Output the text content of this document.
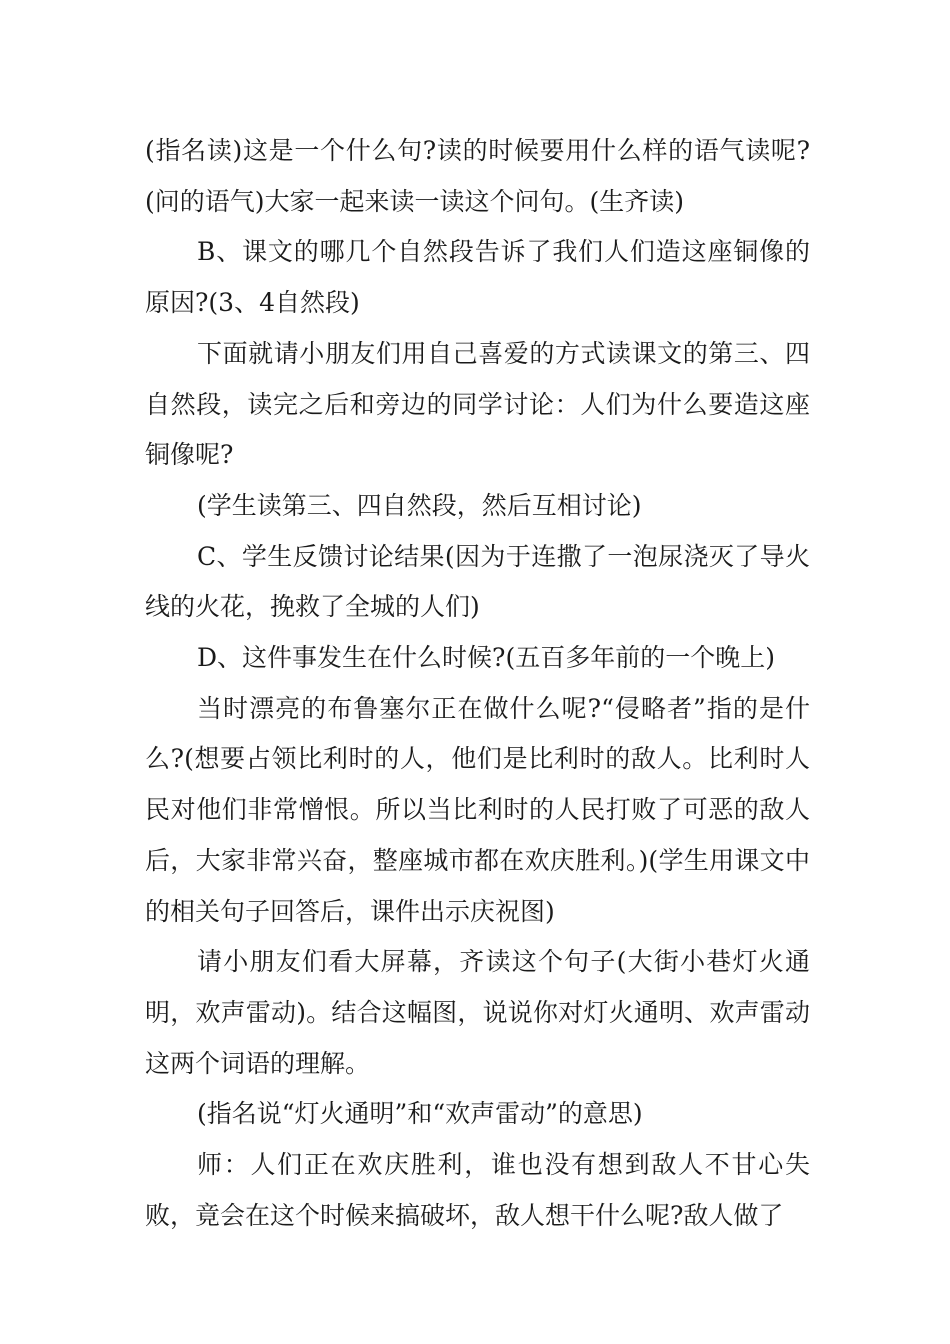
(指名读)这是一个什么句?读的时候要用什么样的语气读呢?(问的语气)大家一起来读一读这个问句。(生齐读)

B、课文的哪几个自然段告诉了我们人们造这座铜像的原因?(3、4自然段)

下面就请小朋友们用自己喜爱的方式读课文的第三、四自然段，读完之后和旁边的同学讨论：人们为什么要造这座铜像呢?

(学生读第三、四自然段，然后互相讨论)

C、学生反馈讨论结果(因为于连撒了一泡尿浇灭了导火线的火花，挽救了全城的人们)

D、这件事发生在什么时候?(五百多年前的一个晚上)

当时漂亮的布鲁塞尔正在做什么呢?“侵略者”指的是什么?(想要占领比利时的人，他们是比利时的敌人。比利时人民对他们非常憎恨。所以当比利时的人民打败了可恶的敌人后，大家非常兴奋，整座城市都在欢庆胜利。)(学生用课文中的相关句子回答后，课件出示庆祝图)

请小朋友们看大屏幕，齐读这个句子(大街小巷灯火通明，欢声雷动)。结合这幅图，说说你对灯火通明、欢声雷动这两个词语的理解。

(指名说“灯火通明”和“欢声雷动”的意思)

师：人们正在欢庆胜利，谁也没有想到敌人不甘心失败，竟会在这个时候来搞破坏，敌人想干什么呢?敌人做了
